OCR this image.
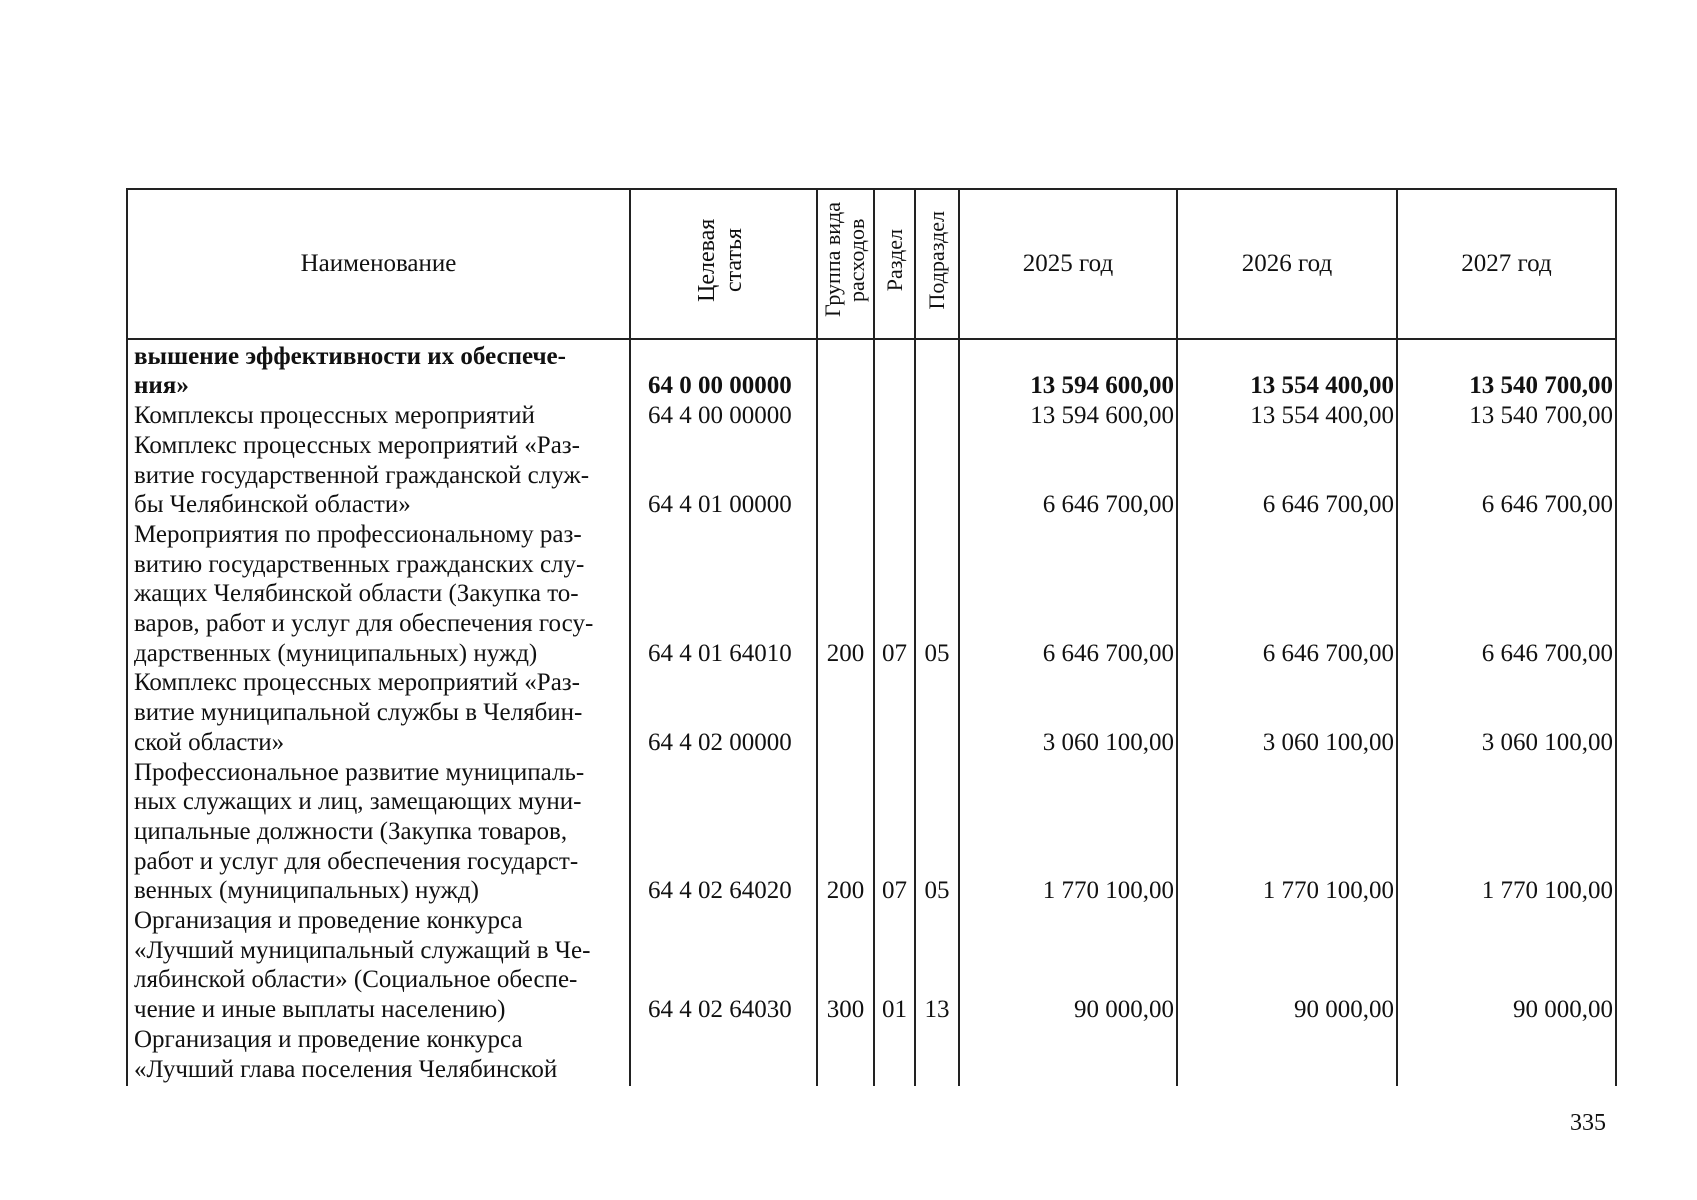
Наименование	Целевая статья	Группа вида расходов	Раздел	Подраздел	2025 год	2026 год	2027 год

вышение эффективности их обеспече-
ния»	64 0 00 00000				13 594 600,00	13 554 400,00	13 540 700,00
Комплексы процессных мероприятий	64 4 00 00000				13 594 600,00	13 554 400,00	13 540 700,00
Комплекс процессных мероприятий «Раз-
витие государственной гражданской служ-
бы Челябинской области»	64 4 01 00000				6 646 700,00	6 646 700,00	6 646 700,00
Мероприятия по профессиональному раз-
витию государственных гражданских слу-
жащих Челябинской области (Закупка то-
варов, работ и услуг для обеспечения госу-
дарственных (муниципальных) нужд)	64 4 01 64010	200	07	05	6 646 700,00	6 646 700,00	6 646 700,00
Комплекс процессных мероприятий «Раз-
витие муниципальной службы в Челябин-
ской области»	64 4 02 00000				3 060 100,00	3 060 100,00	3 060 100,00
Профессиональное развитие муниципаль-
ных служащих и лиц, замещающих муни-
ципальные должности (Закупка товаров,
работ и услуг для обеспечения государст-
венных (муниципальных) нужд)	64 4 02 64020	200	07	05	1 770 100,00	1 770 100,00	1 770 100,00
Организация и проведение конкурса
«Лучший муниципальный служащий в Че-
лябинской области» (Социальное обеспе-
чение и иные выплаты населению)	64 4 02 64030	300	01	13	90 000,00	90 000,00	90 000,00
Организация и проведение конкурса
«Лучший глава поселения Челябинской							
335
